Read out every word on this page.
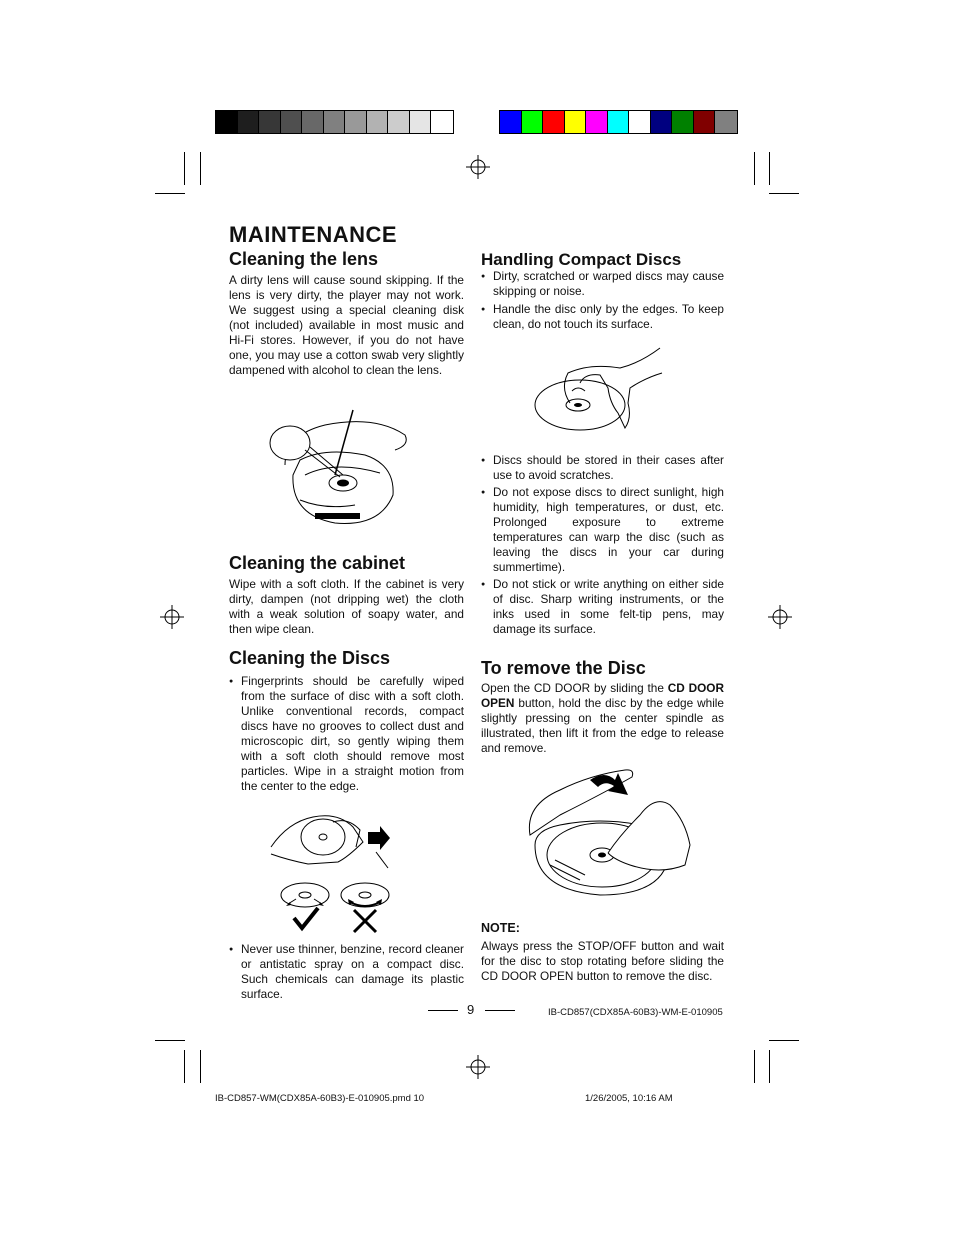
MAINTENANCE
Cleaning the lens
A dirty lens will cause sound skipping. If the lens is very dirty, the player may not work. We suggest using a special cleaning disk (not included) available in most music and Hi-Fi stores. However, if you do not have one, you may use a cotton swab very slightly dampened with alcohol to clean the lens.
Cleaning the cabinet
Wipe with a soft cloth. If the cabinet is very dirty, dampen (not dripping wet) the cloth with a weak solution of soapy water, and then wipe clean.
Cleaning the Discs
● Fingerprints should be carefully wiped from the surface of disc with a soft cloth. Unlike conventional records, compact discs have no grooves to collect dust and microscopic dirt, so gently wiping them with a soft cloth should remove most particles. Wipe in a straight motion from the center to the edge.
● Never use thinner, benzine, record cleaner or antistatic spray on a compact disc. Such chemicals can damage its plastic surface.
Handling Compact Discs
● Dirty, scratched or warped discs may cause skipping or noise.
● Handle the disc only by the edges. To keep clean, do not touch its surface.
● Discs should be stored in their cases after use to avoid scratches.
● Do not expose discs to direct sunlight, high humidity, high temperatures, or dust, etc. Prolonged exposure to extreme temperatures can warp the disc (such as leaving the discs in your car during summertime).
● Do not stick or write anything on either side of disc. Sharp writing instruments, or the inks used in some felt-tip pens, may damage its surface.
To remove the Disc
Open the CD DOOR by sliding the CD DOOR OPEN button, hold the disc by the edge while slightly pressing on the center spindle as illustrated, then lift it from the edge to release and remove.
NOTE:
Always press the STOP/OFF button and wait for the disc to stop rotating before sliding the CD DOOR OPEN button to remove the disc.
9	IB-CD857(CDX85A-60B3)-WM-E-010905
IB-CD857-WM(CDX85A-60B3)-E-010905.pmd 10	1/26/2005, 10:16 AM
